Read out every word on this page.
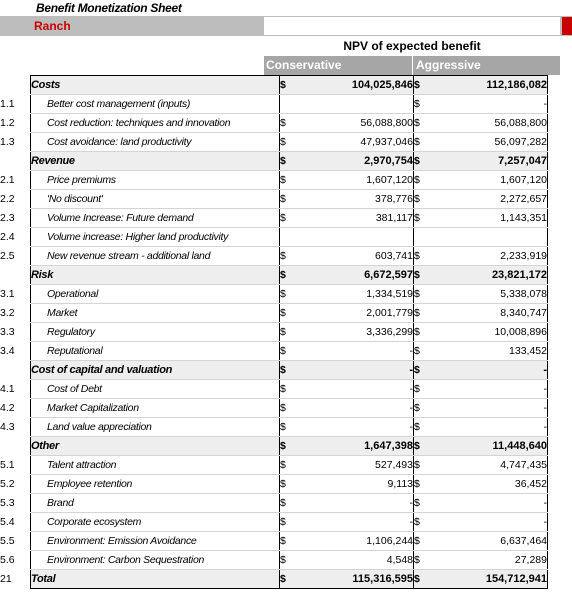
Benefit Monetization Sheet
Ranch
NPV of expected benefit
Conservative	Aggressive
	Costs	$	104,025,846	$	112,186,082
1.1	Better cost management (inputs)			$	-
1.2	Cost reduction: techniques and innovation	$	56,088,800	$	56,088,800
1.3	Cost avoidance: land productivity	$	47,937,046	$	56,097,282
	Revenue	$	2,970,754	$	7,257,047
2.1	Price premiums	$	1,607,120	$	1,607,120
2.2	'No discount'	$	378,776	$	2,272,657
2.3	Volume Increase: Future demand	$	381,117	$	1,143,351
2.4	Volume increase: Higher land productivity				
2.5	New revenue stream - additional land	$	603,741	$	2,233,919
	Risk	$	6,672,597	$	23,821,172
3.1	Operational	$	1,334,519	$	5,338,078
3.2	Market	$	2,001,779	$	8,340,747
3.3	Regulatory	$	3,336,299	$	10,008,896
3.4	Reputational	$	-	$	133,452
	Cost of capital and valuation	$	-	$	-
4.1	Cost of Debt	$	-	$	-
4.2	Market Capitalization	$	-	$	-
4.3	Land value appreciation	$	-	$	-
	Other	$	1,647,398	$	11,448,640
5.1	Talent attraction	$	527,493	$	4,747,435
5.2	Employee retention	$	9,113	$	36,452
5.3	Brand	$	-	$	-
5.4	Corporate ecosystem	$	-	$	-
5.5	Environment: Emission Avoidance	$	1,106,244	$	6,637,464
5.6	Environment: Carbon Sequestration	$	4,548	$	27,289
21	Total	$	115,316,595	$	154,712,941
